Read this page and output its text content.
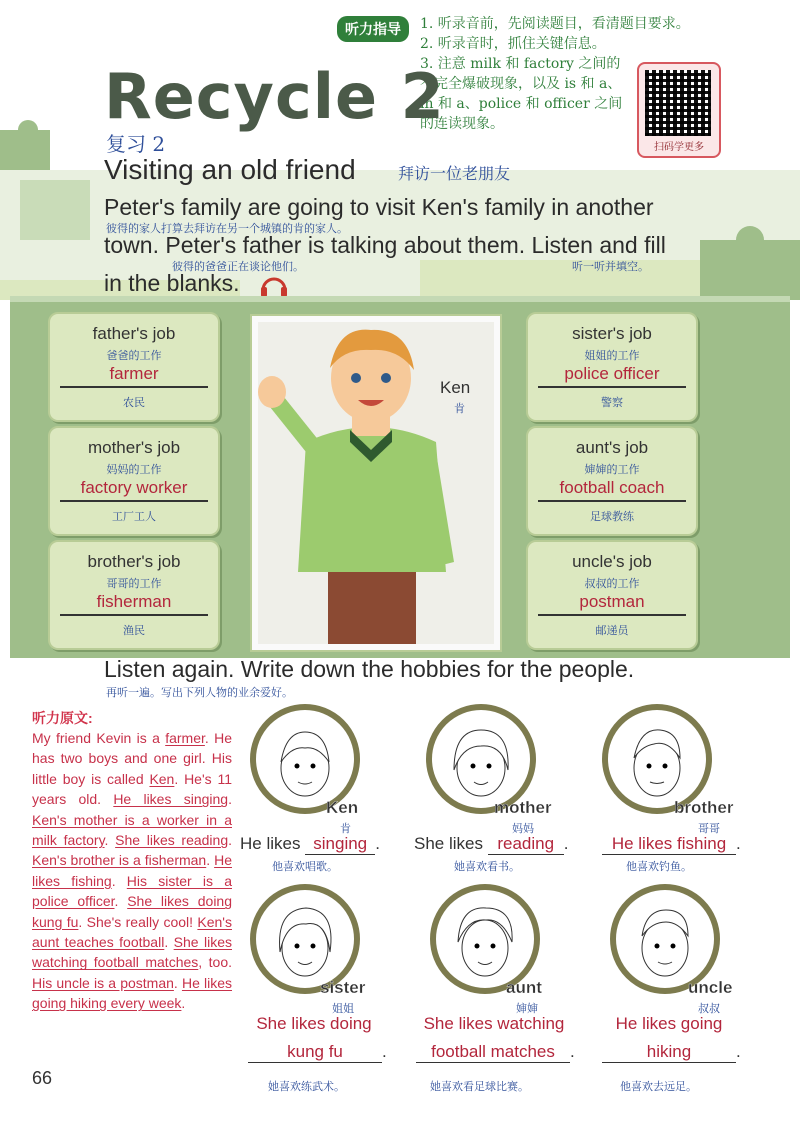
听力指导	1. 听录音前，先阅读题目，看清题目要求。
2. 听录音时，抓住关键信息。
3. 注意 milk 和 factory 之间的不完全爆破现象，以及 is 和 a、in 和 a、police 和 officer 之间的连读现象。
扫码学更多
Recycle 2
复习 2
Visiting an old friend	拜访一位老朋友
Peter's family are going to visit Ken's family in another
彼得的家人打算去拜访在另一个城镇的肯的家人。
town. Peter's father is talking about them. Listen and fill
彼得的爸爸正在谈论他们。	听一听并填空。
in the blanks.
father's job
爸爸的工作
farmer
农民
mother's job
妈妈的工作
factory worker
工厂工人
brother's job
哥哥的工作
fisherman
渔民
sister's job
姐姐的工作
police officer
警察
aunt's job
婶婶的工作
football coach
足球教练
uncle's job
叔叔的工作
postman
邮递员
Ken
肯
Listen again. Write down the hobbies for the people.
再听一遍。写出下列人物的业余爱好。
听力原文:
My friend Kevin is a farmer. He has two boys and one girl. His little boy is called Ken. He's 11 years old. He likes singing. Ken's mother is a worker in a milk factory. She likes reading. Ken's brother is a fisherman. He likes fishing. His sister is a police officer. She likes doing kung fu. She's really cool! Ken's aunt teaches football. She likes watching football matches, too. His uncle is a postman. He likes going hiking every week.
Ken
肯
He likes singing .
他喜欢唱歌。
mother
妈妈
She likes reading .
她喜欢看书。
brother
哥哥
He likes fishing .
他喜欢钓鱼。
sister
姐姐
She likes doing
kung fu .
她喜欢练武术。
aunt
婶婶
She likes watching
football matches .
她喜欢看足球比赛。
uncle
叔叔
He likes going
hiking	.
他喜欢去远足。
66
